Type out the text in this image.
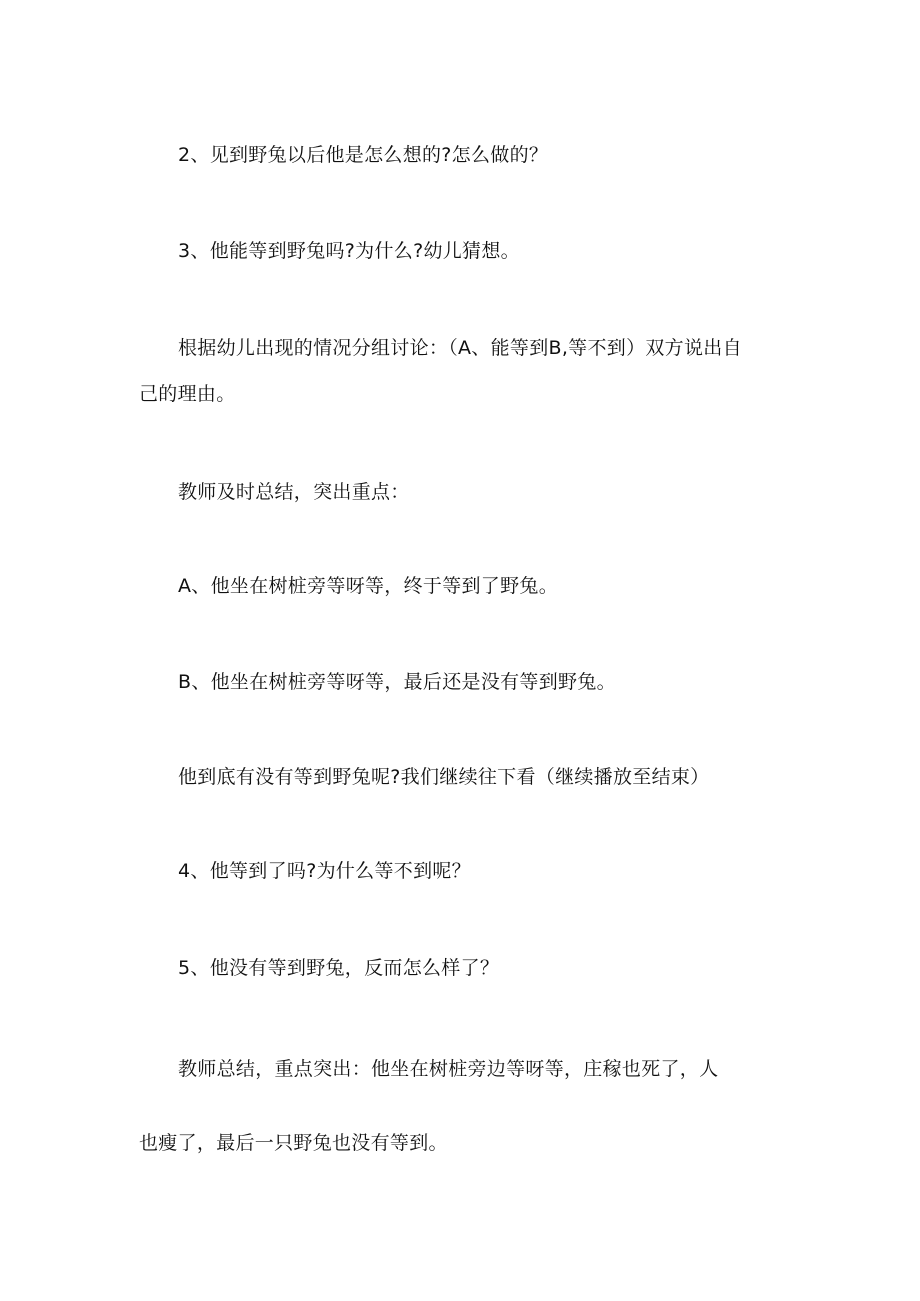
2、见到野兔以后他是怎么想的?怎么做的？
3、他能等到野兔吗?为什么?幼儿猜想。
根据幼儿出现的情况分组讨论：（A、能等到B,等不到）双方说出自
己的理由。
教师及时总结，突出重点：
A、他坐在树桩旁等呀等，终于等到了野兔。
B、他坐在树桩旁等呀等，最后还是没有等到野兔。
他到底有没有等到野兔呢?我们继续往下看（继续播放至结束）
4、他等到了吗?为什么等不到呢？
5、他没有等到野兔，反而怎么样了？
教师总结，重点突出：他坐在树桩旁边等呀等，庄稼也死了，人
也瘦了，最后一只野兔也没有等到。
